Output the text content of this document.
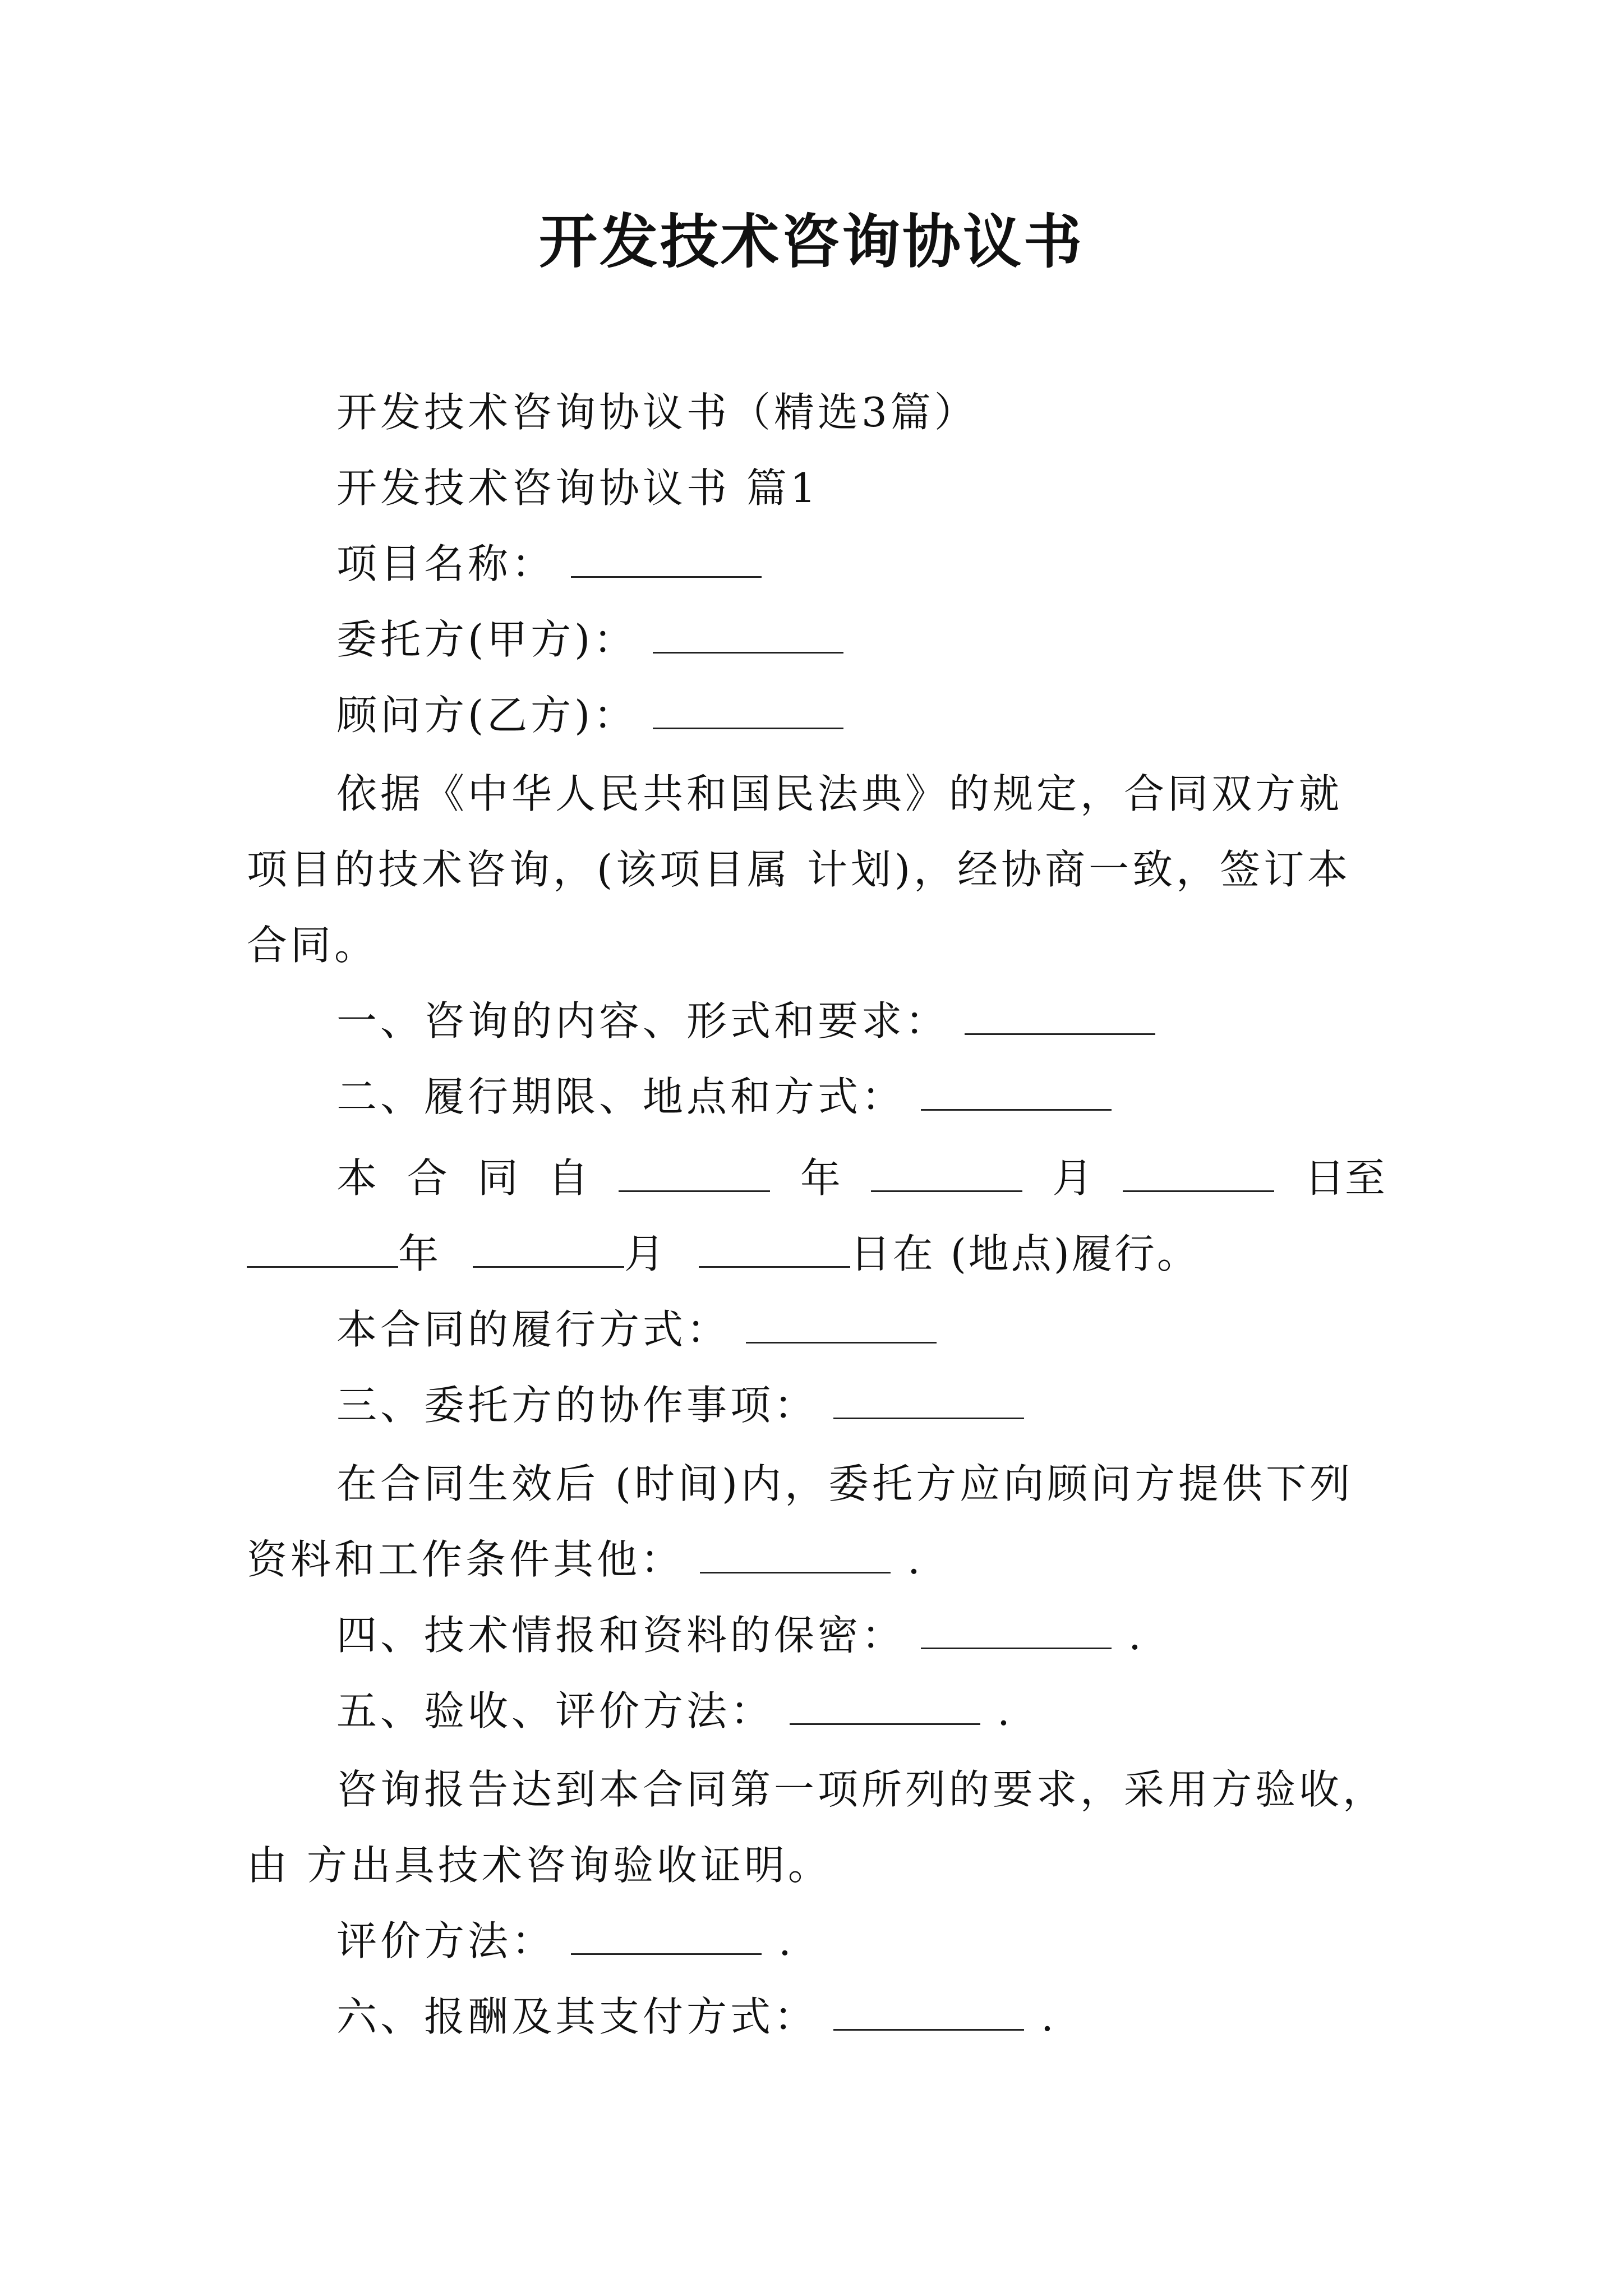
开发技术咨询协议书
开发技术咨询协议书（精选3篇）
开发技术咨询协议书 篇1
项目名称：
委托方(甲方)：
顾问方(乙方)：
依据《中华人民共和国民法典》的规定，合同双方就
项目的技术咨询，(该项目属 计划)，经协商一致，签订本
合同。
一、咨询的内容、形式和要求：
二、履行期限、地点和方式：
本 合 同 自	年	月	日至
年	月	日在 (地点)履行。
本合同的履行方式：
三、委托方的协作事项：
在合同生效后 (时间)内，委托方应向顾问方提供下列
资料和工作条件其他：	.
四、技术情报和资料的保密：	.
五、验收、评价方法：	.
咨询报告达到本合同第一项所列的要求，采用方验收，
由 方出具技术咨询验收证明。
评价方法：	.
六、报酬及其支付方式：	.
